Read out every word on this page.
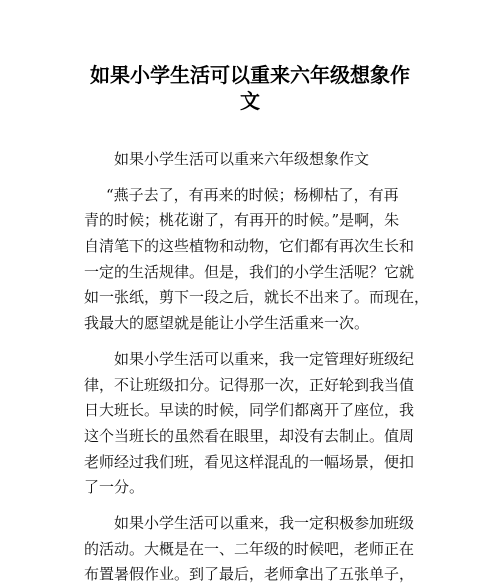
如果小学生活可以重来六年级想象作
文
如果小学生活可以重来六年级想象作文
“燕子去了，有再来的时候；杨柳枯了，有再
青的时候；桃花谢了，有再开的时候。”是啊，朱
自清笔下的这些植物和动物，它们都有再次生长和
一定的生活规律。但是，我们的小学生活呢？它就
如一张纸，剪下一段之后，就长不出来了。而现在，
我最大的愿望就是能让小学生活重来一次。
如果小学生活可以重来，我一定管理好班级纪
律，不让班级扣分。记得那一次，正好轮到我当值
日大班长。早读的时候，同学们都离开了座位，我
这个当班长的虽然看在眼里，却没有去制止。值周
老师经过我们班，看见这样混乱的一幅场景，便扣
了一分。
如果小学生活可以重来，我一定积极参加班级
的活动。大概是在一、二年级的时候吧，老师正在
布置暑假作业。到了最后，老师拿出了五张单子，
